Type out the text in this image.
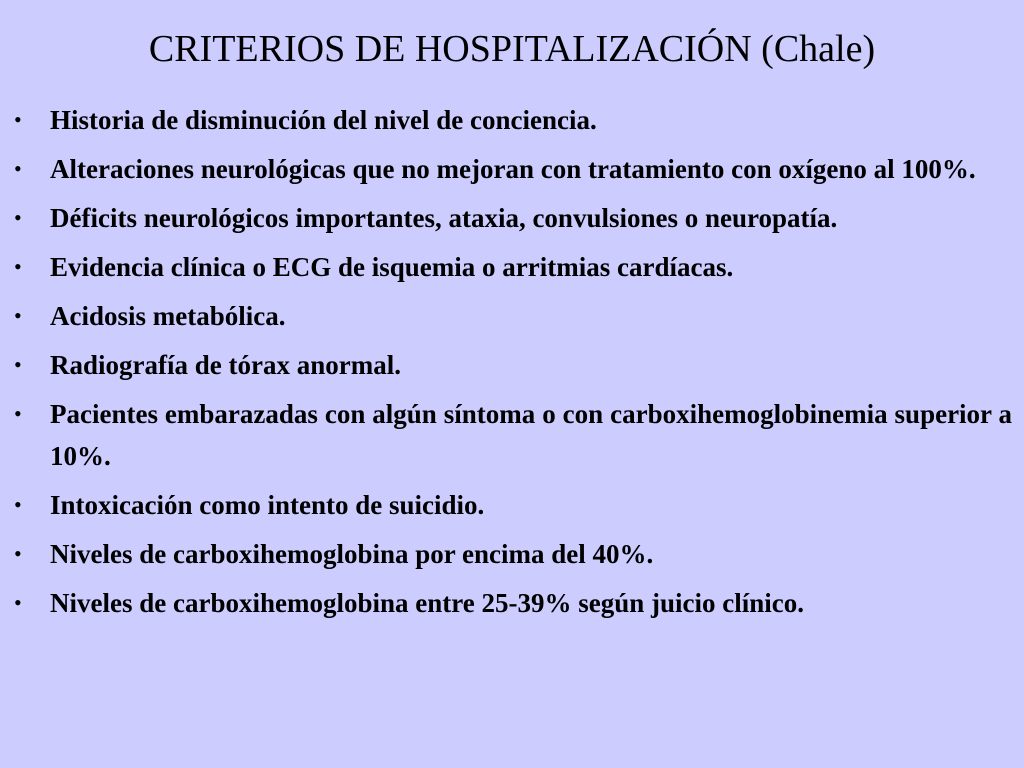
CRITERIOS DE HOSPITALIZACIÓN (Chale)
•	Historia de disminución del nivel de conciencia.
•	Alteraciones neurológicas que no mejoran con tratamiento con oxígeno al 100%.
•	Déficits neurológicos importantes, ataxia, convulsiones o neuropatía.
•	Evidencia clínica o ECG de isquemia o arritmias cardíacas.
•	Acidosis metabólica.
•	Radiografía de tórax anormal.
•	Pacientes embarazadas con algún síntoma o con carboxihemoglobinemia superior a 10%.
•	Intoxicación como intento de suicidio.
•	Niveles de carboxihemoglobina por encima del 40%.
•	Niveles de carboxihemoglobina entre 25-39% según juicio clínico.
